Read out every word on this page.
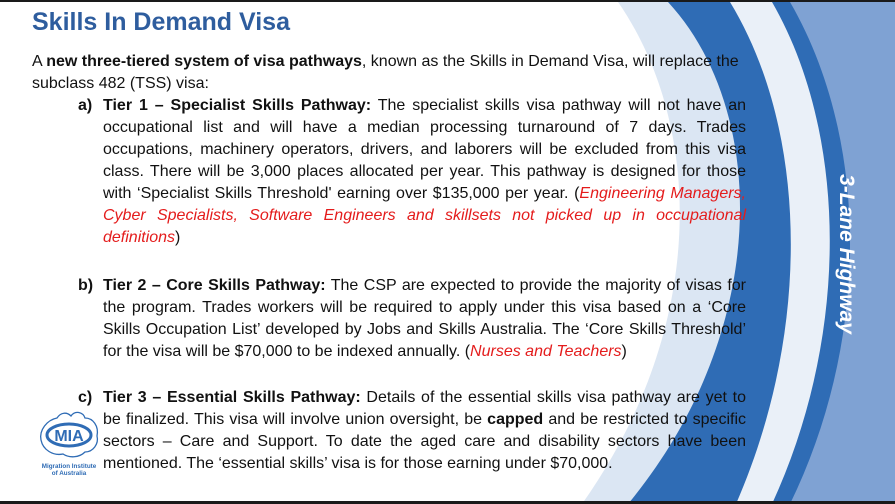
Skills In Demand Visa
A new three-tiered system of visa pathways, known as the Skills in Demand Visa, will replace the subclass 482 (TSS) visa:
a) Tier 1 – Specialist Skills Pathway: The specialist skills visa pathway will not have an occupational list and will have a median processing turnaround of 7 days. Trades occupations, machinery operators, drivers, and laborers will be excluded from this visa class. There will be 3,000 places allocated per year. This pathway is designed for those with ‘Specialist Skills Threshold' earning over $135,000 per year. (Engineering Managers, Cyber Specialists, Software Engineers and skillsets not picked up in occupational definitions)
b) Tier 2 – Core Skills Pathway: The CSP are expected to provide the majority of visas for the program. Trades workers will be required to apply under this visa based on a ‘Core Skills Occupation List’ developed by Jobs and Skills Australia. The ‘Core Skills Threshold’ for the visa will be $70,000 to be indexed annually. (Nurses and Teachers)
c) Tier 3 – Essential Skills Pathway: Details of the essential skills visa pathway are yet to be finalized. This visa will involve union oversight, be capped and be restricted to specific sectors – Care and Support. To date the aged care and disability sectors have been mentioned. The ‘essential skills’ visa is for those earning under $70,000.
3-Lane Highway
MIA
Migration Institute
of Australia
